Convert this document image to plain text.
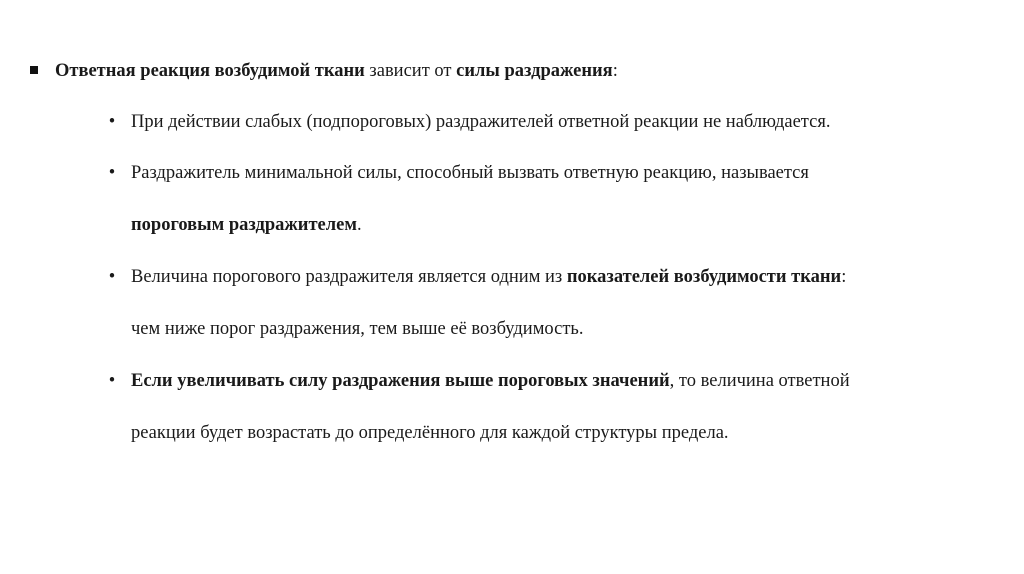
Ответная реакция возбудимой ткани зависит от силы раздражения:
• При действии слабых (подпороговых) раздражителей ответной реакции не наблюдается.
• Раздражитель минимальной силы, способный вызвать ответную реакцию, называется
пороговым раздражителем.
• Величина порогового раздражителя является одним из показателей возбудимости ткани:
чем ниже порог раздражения, тем выше её возбудимость.
• Если увеличивать силу раздражения выше пороговых значений, то величина ответной
реакции будет возрастать до определённого для каждой структуры предела.
